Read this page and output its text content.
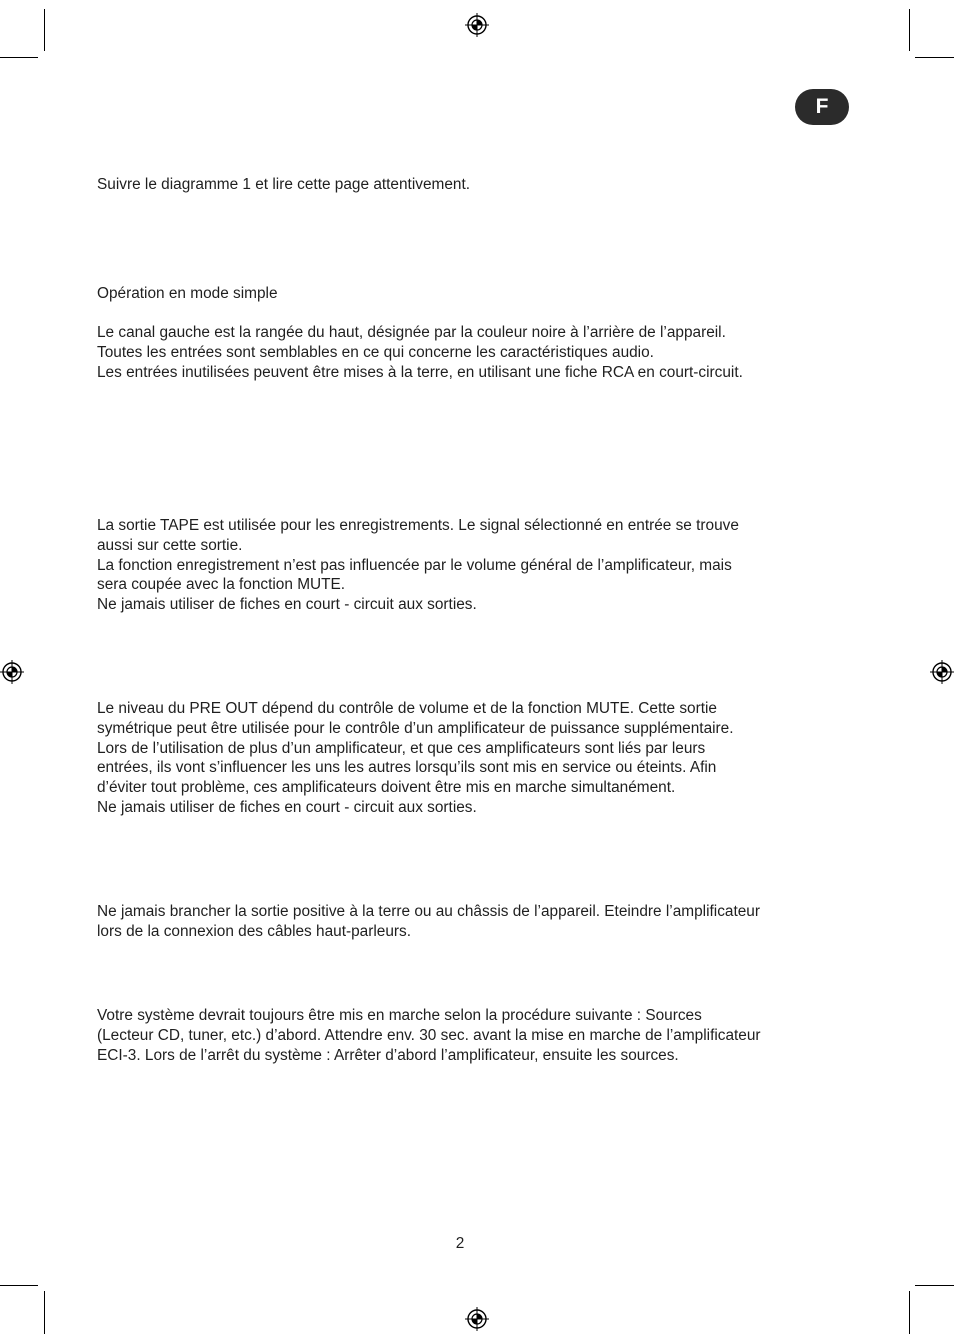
F

Suivre le diagramme 1 et lire cette page attentivement.

Opération en mode simple

Le canal gauche est la rangée du haut, désignée par la couleur noire à l’arrière de l’appareil.
Toutes les entrées sont semblables en ce qui concerne les caractéristiques audio.
Les entrées inutilisées peuvent être mises à la terre, en utilisant une fiche RCA en court-circuit.

La sortie TAPE est utilisée pour les enregistrements. Le signal sélectionné en entrée se trouve
aussi sur cette sortie.
La fonction enregistrement n’est pas influencée par le volume général de l’amplificateur, mais
sera coupée avec la fonction MUTE.
Ne jamais utiliser de fiches en court - circuit aux sorties.

Le niveau du PRE OUT dépend du contrôle de volume et de la fonction MUTE. Cette sortie
symétrique peut être utilisée pour le contrôle d’un amplificateur de puissance supplémentaire.
Lors de l’utilisation de plus d’un amplificateur, et que ces amplificateurs sont liés par leurs
entrées, ils vont s’influencer les uns les autres lorsqu’ils sont mis en service ou éteints. Afin
d’éviter tout problème, ces amplificateurs doivent être mis en marche simultanément.
Ne jamais utiliser de fiches en court - circuit aux sorties.

Ne jamais brancher la sortie positive à la terre ou au châssis de l’appareil. Eteindre l’amplificateur
lors de la connexion des câbles haut-parleurs.

Votre système devrait toujours être mis en marche selon la procédure suivante : Sources
(Lecteur CD, tuner, etc.) d’abord. Attendre env. 30 sec. avant la mise en marche de l’amplificateur
ECI-3. Lors de l’arrêt du système : Arrêter d’abord l’amplificateur, ensuite les sources.

2
